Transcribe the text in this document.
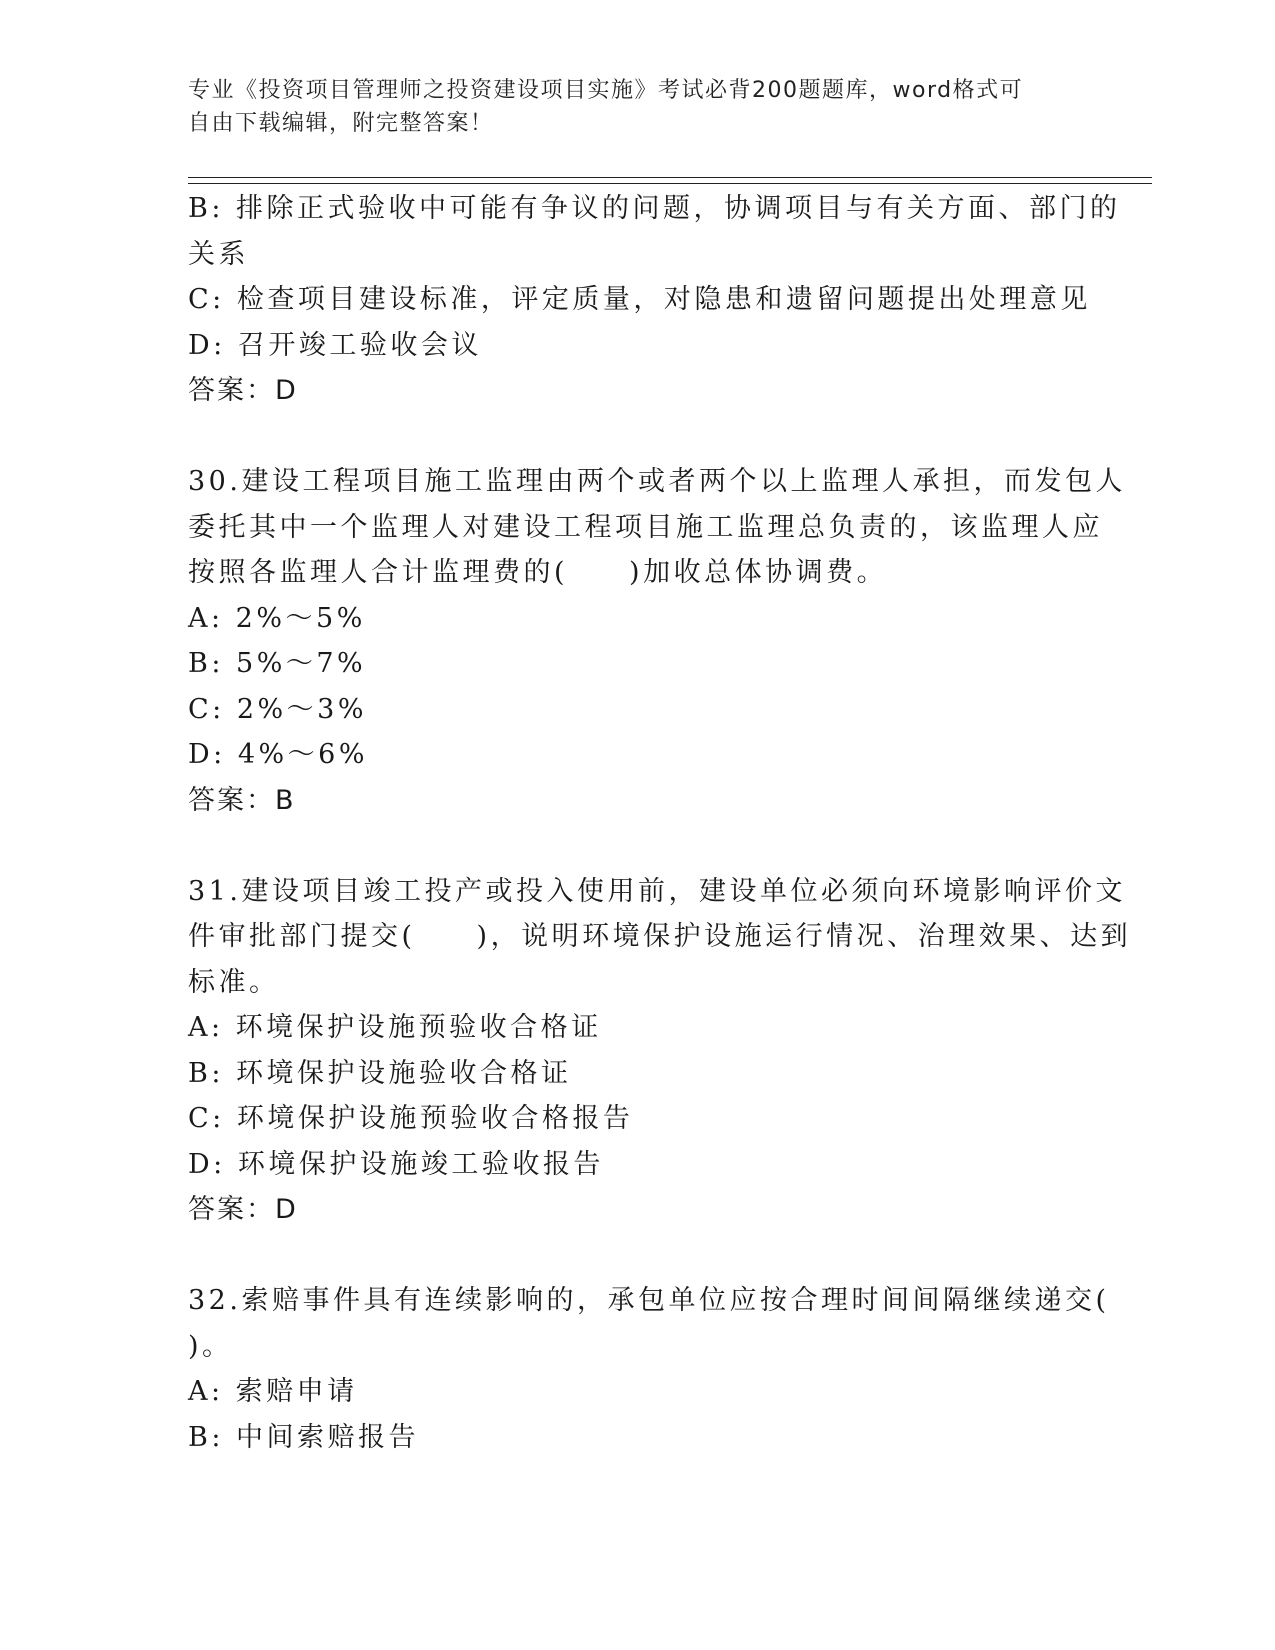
专业《投资项目管理师之投资建设项目实施》考试必背200题题库，word格式可
自由下载编辑，附完整答案！
B: 排除正式验收中可能有争议的问题，协调项目与有关方面、部门的
关系
C: 检查项目建设标准，评定质量，对隐患和遗留问题提出处理意见
D: 召开竣工验收会议
答案：D
30.建设工程项目施工监理由两个或者两个以上监理人承担，而发包人
委托其中一个监理人对建设工程项目施工监理总负责的，该监理人应
按照各监理人合计监理费的(　　)加收总体协调费。
A: 2%～5%
B: 5%～7%
C: 2%～3%
D: 4%～6%
答案：B
31.建设项目竣工投产或投入使用前，建设单位必须向环境影响评价文
件审批部门提交(　　)，说明环境保护设施运行情况、治理效果、达到
标准。
A: 环境保护设施预验收合格证
B: 环境保护设施验收合格证
C: 环境保护设施预验收合格报告
D: 环境保护设施竣工验收报告
答案：D
32.索赔事件具有连续影响的，承包单位应按合理时间间隔继续递交(
)。
A: 索赔申请
B: 中间索赔报告
